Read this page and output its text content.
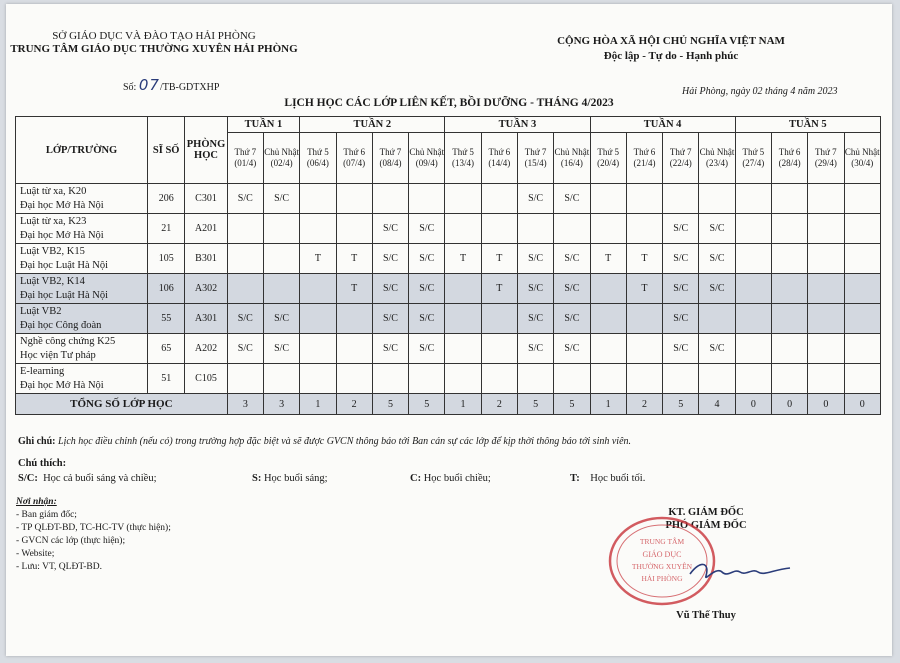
SỞ GIÁO DỤC VÀ ĐÀO TẠO HẢI PHÒNG
TRUNG TÂM GIÁO DỤC THƯỜNG XUYÊN HẢI PHÒNG
CỘNG HÒA XÃ HỘI CHỦ NGHĨA VIỆT NAM
Độc lập - Tự do - Hạnh phúc
Số: 07/TB-GDTXHP	Hải Phòng, ngày 02 tháng 4 năm 2023
LỊCH HỌC CÁC LỚP LIÊN KẾT, BỒI DƯỠNG - THÁNG 4/2023
LỚP/TRƯỜNG	SĨ SỐ	PHÒNG HỌC	TUẦN 1		TUẦN 2				TUẦN 3				TUẦN 4				TUẦN 5			
			Thứ 7 (01/4)	Chủ Nhật (02/4)	Thứ 5 (06/4)	Thứ 6 (07/4)	Thứ 7 (08/4)	Chủ Nhật (09/4)	Thứ 5 (13/4)	Thứ 6 (14/4)	Thứ 7 (15/4)	Chủ Nhật (16/4)	Thứ 5 (20/4)	Thứ 6 (21/4)	Thứ 7 (22/4)	Chủ Nhật (23/4)	Thứ 5 (27/4)	Thứ 6 (28/4)	Thứ 7 (29/4)	Chủ Nhật (30/4)

Luật từ xa, K20
Đại học Mở Hà Nội	206	C301	S/C	S/C							S/C	S/C								

Luật từ xa, K23
Đại học Mở Hà Nội	21	A201					S/C	S/C							S/C	S/C				

Luật VB2, K15
Đại học Luật Hà Nội	105	B301			T	T	S/C	S/C	T	T	S/C	S/C	T	T	S/C	S/C				

Luật VB2, K14
Đại học Luật Hà Nội	106	A302				T	S/C	S/C		T	S/C	S/C		T	S/C	S/C				

Luật VB2
Đại học Công đoàn	55	A301	S/C	S/C			S/C	S/C			S/C	S/C			S/C					

Nghề công chứng K25
Học viện Tư pháp	65	A202	S/C	S/C			S/C	S/C			S/C	S/C			S/C	S/C				

E-learning
Đại học Mở Hà Nội	51	C105																		
TỔNG SỐ LỚP HỌC			3	3	1	2	5	5	1	2	5	5	1	2	5	4	0	0	0	0
Ghi chú: Lịch học điều chỉnh (nếu có) trong trường hợp đặc biệt và sẽ được GVCN thông báo tới Ban cán sự các lớp để kịp thời thông báo tới sinh viên.
Chú thích:
S/C: Học cả buổi sáng và chiều;	S: Học buổi sáng;	C: Học buổi chiều;	T: Học buổi tối.
Nơi nhận:
- Ban giám đốc;
- TP QLĐT-BD, TC-HC-TV (thực hiện);
- GVCN các lớp (thực hiện);
- Website;
- Lưu: VT, QLĐT-BD.
KT. GIÁM ĐỐC
PHÓ GIÁM ĐỐC
TRUNG TÂM
GIÁO DỤC
THƯỜNG XUYÊN
HẢI PHÒNG
Vũ Thế Thuy
